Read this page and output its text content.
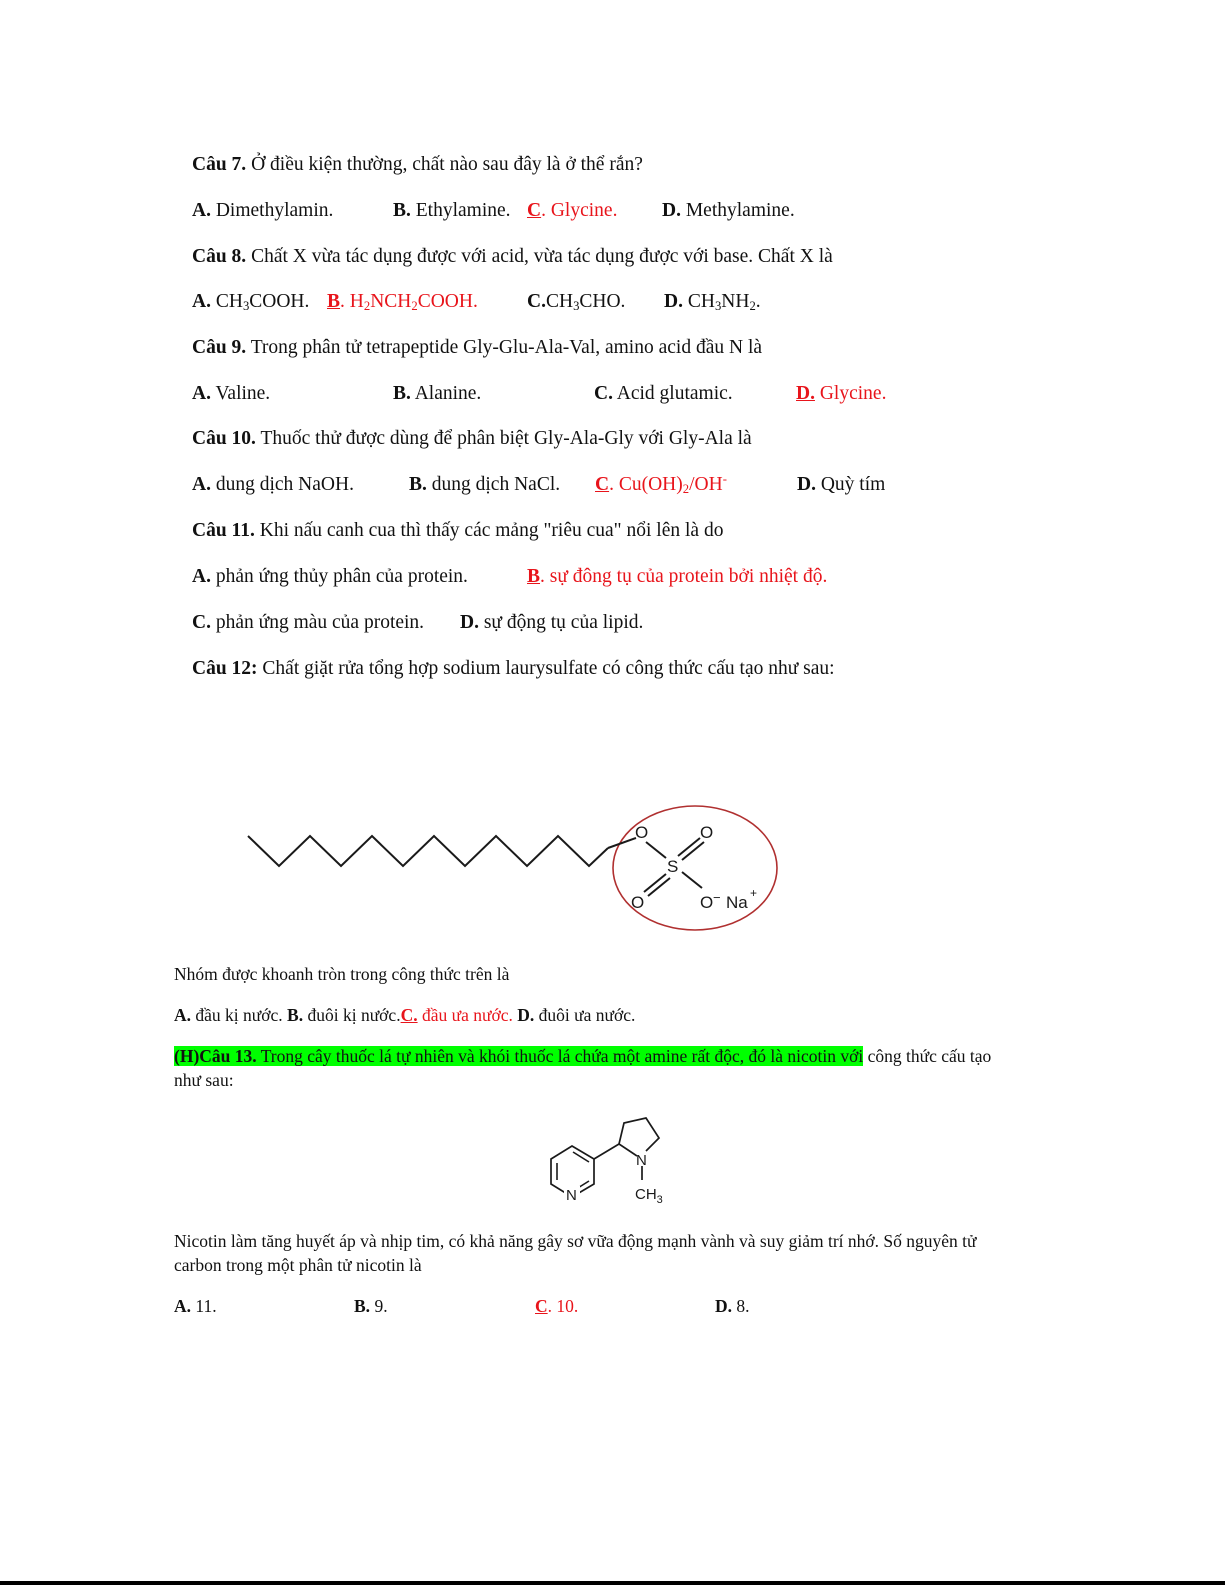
Câu 7. Ở điều kiện thường, chất nào sau đây là ở thể rắn?
A. Dimethylamin.	B. Ethylamine. C. Glycine. D. Methylamine.
Câu 8. Chất X vừa tác dụng được với acid, vừa tác dụng được với base. Chất X là
A. $CH_3COOH$. B. $H_2NCH_2COOH$.	$C.CH_3CHO$. D. $CH_3NH_2$.
Câu 9. Trong phân tử tetrapeptide Gly-Glu-Ala-Val, amino acid đầu N là
A. Valine.	B. Alanine.	C. Acid glutamic.	D. Glycine.
Câu 10. Thuốc thử được dùng để phân biệt Gly-Ala-Gly với Gly-Ala là
A. dung dịch NaOH.	B. dung dịch NaCl. C. $Cu(OH)_2/OH^-$	D. Quỳ tím
Câu 11. Khi nấu canh cua thì thấy các mảng "riêu cua" nổi lên là do
A. phản ứng thủy phân của protein.	B. sự đông tụ của protein bởi nhiệt độ.
C. phản ứng màu của protein. D. sự động tụ của lipid.
Câu 12: Chất giặt rửa tổng hợp sodium laurysulfate có công thức cấu tạo như sau:
O	O
S
O	O − Na +
Nhóm được khoanh tròn trong công thức trên là
A. đầu kị nước. B. đuôi kị nước.C. đầu ưa nước. D. đuôi ưa nước.
(H)Câu 13. Trong cây thuốc lá tự nhiên và khói thuốc lá chứa một amine rất độc, đó là nicotin với công thức cấu tạo
như sau:
N
N
$CH_3$
Nicotin làm tăng huyết áp và nhịp tim, có khả năng gây sơ vữa động mạnh vành và suy giảm trí nhớ. Số nguyên tử
carbon trong một phân tử nicotin là
A. 11.	B. 9.	C. 10.	D. 8.
